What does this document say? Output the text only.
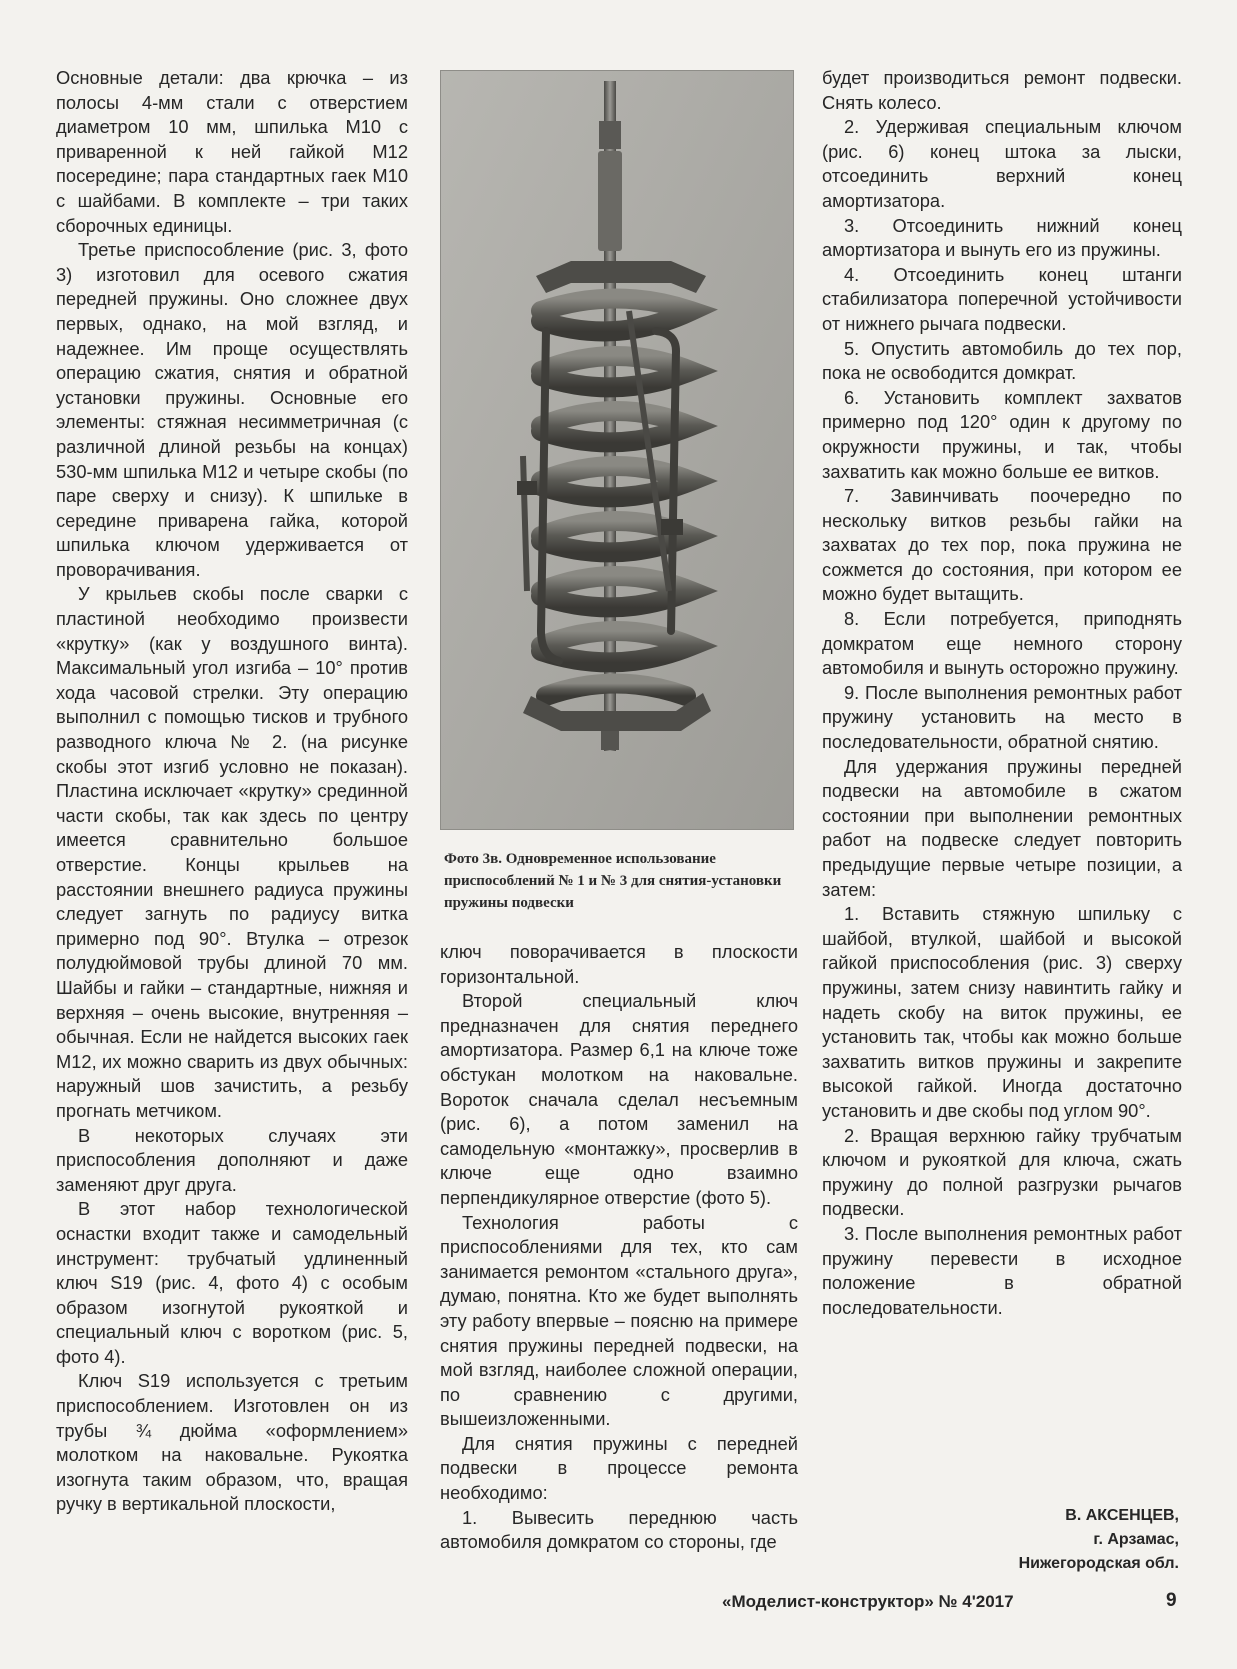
Основные детали: два крючка – из полосы 4-мм стали с отверстием диаметром 10 мм, шпилька М10 с приваренной к ней гайкой М12 посередине; пара стандартных гаек М10 с шайбами. В комплекте – три таких сборочных единицы.

Третье приспособление (рис. 3, фото 3) изготовил для осевого сжатия передней пружины. Оно сложнее двух первых, однако, на мой взгляд, и надежнее. Им проще осуществлять операцию сжатия, снятия и обратной установки пружины. Основные его элементы: стяжная несимметричная (с различной длиной резьбы на концах) 530-мм шпилька М12 и четыре скобы (по паре сверху и снизу). К шпильке в середине приварена гайка, которой шпилька ключом удерживается от проворачивания.

У крыльев скобы после сварки с пластиной необходимо произвести «крутку» (как у воздушного винта). Максимальный угол изгиба – 10° против хода часовой стрелки. Эту операцию выполнил с помощью тисков и трубного разводного ключа № 2. (на рисунке скобы этот изгиб условно не показан). Пластина исключает «крутку» срединной части скобы, так как здесь по центру имеется сравнительно большое отверстие. Концы крыльев на расстоянии внешнего радиуса пружины следует загнуть по радиусу витка примерно под 90°. Втулка – отрезок полудюймовой трубы длиной 70 мм. Шайбы и гайки – стандартные, нижняя и верхняя – очень высокие, внутренняя – обычная. Если не найдется высоких гаек М12, их можно сварить из двух обычных: наружный шов зачистить, а резьбу прогнать метчиком.

В некоторых случаях эти приспособления дополняют и даже заменяют друг друга.

В этот набор технологической оснастки входит также и самодельный инструмент: трубчатый удлиненный ключ S19 (рис. 4, фото 4) с особым образом изогнутой рукояткой и специальный ключ с воротком (рис. 5, фото 4).

Ключ S19 используется с третьим приспособлением. Изготовлен он из трубы ¾ дюйма «оформлением» молотком на наковальне. Рукоятка изогнута таким образом, что, вращая ручку в вертикальной плоскости,

Фото 3в. Одновременное использование приспособлений № 1 и № 3 для снятия-установки пружины подвески

ключ поворачивается в плоскости горизонтальной.

Второй специальный ключ предназначен для снятия переднего амортизатора. Размер 6,1 на ключе тоже обстукан молотком на наковальне. Вороток сначала сделал несъемным (рис. 6), а потом заменил на самодельную «монтажку», просверлив в ключе еще одно взаимно перпендикулярное отверстие (фото 5).

Технология работы с приспособлениями для тех, кто сам занимается ремонтом «стального друга», думаю, понятна. Кто же будет выполнять эту работу впервые – поясню на примере снятия пружины передней подвески, на мой взгляд, наиболее сложной операции, по сравнению с другими, вышеизложенными.

Для снятия пружины с передней подвески в процессе ремонта необходимо:

1. Вывесить переднюю часть автомобиля домкратом со стороны, где

будет производиться ремонт подвески. Снять колесо.

2. Удерживая специальным ключом (рис. 6) конец штока за лыски, отсоединить верхний конец амортизатора.

3. Отсоединить нижний конец амортизатора и вынуть его из пружины.

4. Отсоединить конец штанги стабилизатора поперечной устойчивости от нижнего рычага подвески.

5. Опустить автомобиль до тех пор, пока не освободится домкрат.

6. Установить комплект захватов примерно под 120° один к другому по окружности пружины, и так, чтобы захватить как можно больше ее витков.

7. Завинчивать поочередно по нескольку витков резьбы гайки на захватах до тех пор, пока пружина не сожмется до состояния, при котором ее можно будет вытащить.

8. Если потребуется, приподнять домкратом еще немного сторону автомобиля и вынуть осторожно пружину.

9. После выполнения ремонтных работ пружину установить на место в последовательности, обратной снятию.

Для удержания пружины передней подвески на автомобиле в сжатом состоянии при выполнении ремонтных работ на подвеске следует повторить предыдущие первые четыре позиции, а затем:

1. Вставить стяжную шпильку с шайбой, втулкой, шайбой и высокой гайкой приспособления (рис. 3) сверху пружины, затем снизу навинтить гайку и надеть скобу на виток пружины, ее установить так, чтобы как можно больше захватить витков пружины и закрепите высокой гайкой. Иногда достаточно установить и две скобы под углом 90°.

2. Вращая верхнюю гайку трубчатым ключом и рукояткой для ключа, сжать пружину до полной разгрузки рычагов подвески.

3. После выполнения ремонтных работ пружину перевести в исходное положение в обратной последовательности.

В. АКСЕНЦЕВ,
г. Арзамас,
Нижегородская обл.
«Моделист-конструктор» № 4'2017	9
